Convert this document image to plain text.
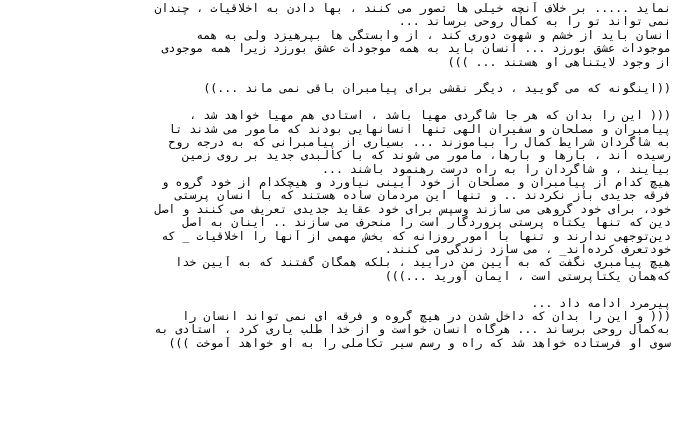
نماید ..... بر خلاف آنچه خیلی ها تصور می کنند ، بها دادن به اخلاقیات ، چندان
نمی تواند تو را به کمال روحی برساند ...
انسان باید از خشم و شهوت دوری کند ، از وابستگی ها بپرهیزد ولی به همه
موجودات عشق بورزد ... انسان باید به همه موجودات عشق بورزد زیرا همه موجودی
از وجود لایتناهی او هستند ... )))
((اینگونه که می گویید ، دیگر نقشی برای پیامبران باقی نمی ماند ...))
((( این را بدان که هر جا شاگردی مهیا باشد ، استادی هم مهیا خواهد شد ،
پیامبران و مصلحان و سفیران الهی تنها انسانهایی بودند که مامور می شدند تا
به شاگردان شرایط کمال را بیاموزند ... بسیاری از پیامبرانی که به درجه روح
رسیده اند ، بارها و بارها، مامور می شوند که با کالبدی جدید بر روی زمین
بیایند ، و شاگردان را به راه درست رهنمود باشند ...
هیچ کدام از پیامبران و مصلحان از خود آیینی نیاورد و هیچکدام از خود گروه و
فرقه جدیدی باز نکردند .. و تنها این مردمان ساده هستند که با انسان پرستی
خود، برای خود گروهی می سازند وسپس برای خود عقاید جدیدی تعریف می کنند و اصل
دین که تنها یکتاه پرستی پروردگار است را منحرف می سازند .. اینان به اصل
دین‌توجهی ندارند و تنها با امور روزانه که بخش مهمی از آنها را اخلاقیات _ که
خودتعرف کرده‌اند_ ، می سازد زندگی می کنند.
هیچ پیامبری نگفت که به آیین من درآیید ، بلکه همگان گفتند که به آیین خدا
که‌همان یکتاپرستی است ، ایمان آورید ...)))
پیرمرد ادامه داد ...
((( و این را بدان که داخل شدن در هیچ گروه و فرقه ای نمی تواند انسان را
به‌کمال روحی برساند ... هرگاه انسان خواست و از خدا طلب یاری کرد ، استادی به
سوی او فرستاده خواهد شد که راه و رسم سیر تکاملی را به او خواهد آموخت )))
